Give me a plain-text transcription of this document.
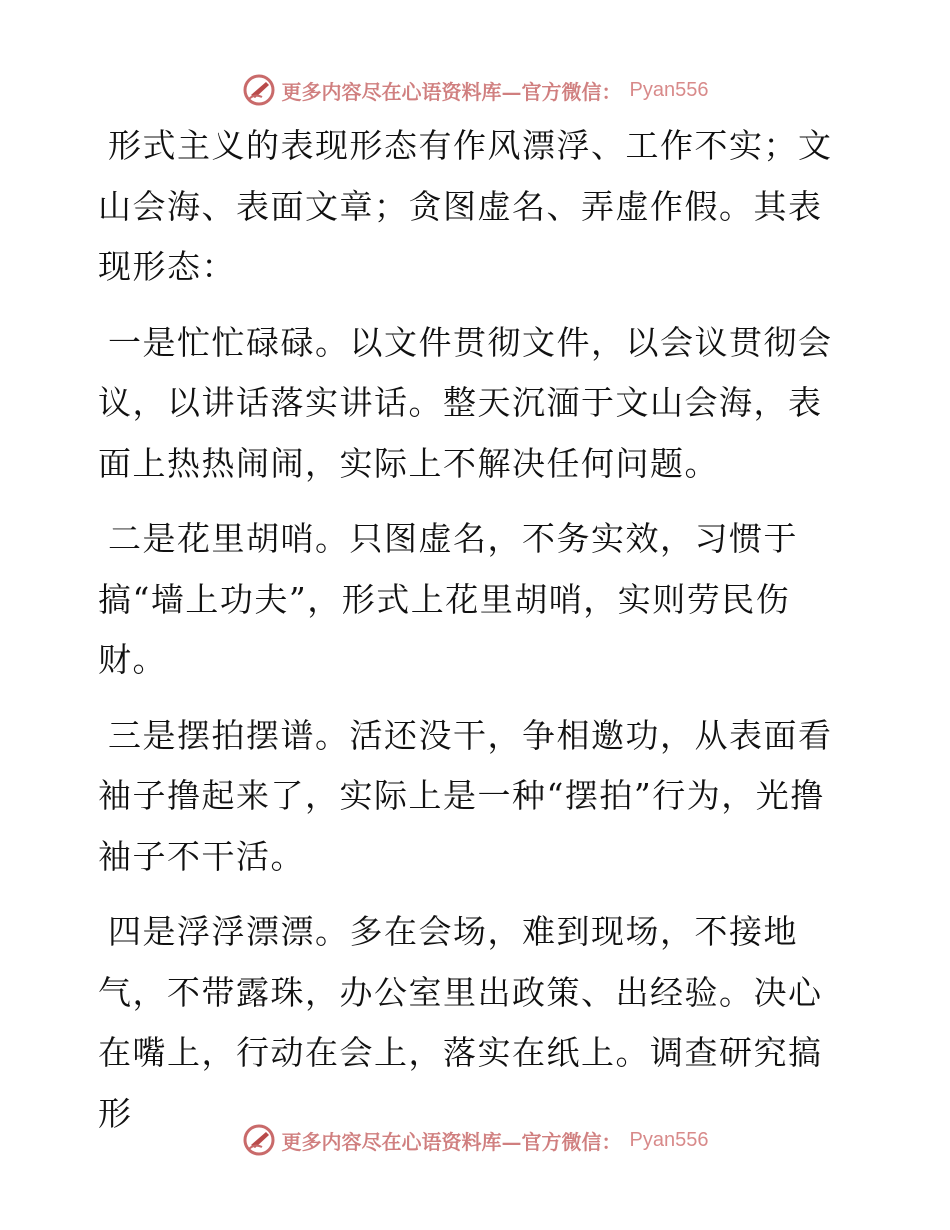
更多内容尽在心语资料库—官方微信： Pyan556

形式主义的表现形态有作风漂浮、工作不实；文山会海、表面文章；贪图虚名、弄虚作假。其表现形态：

一是忙忙碌碌。以文件贯彻文件，以会议贯彻会议，以讲话落实讲话。整天沉湎于文山会海，表面上热热闹闹，实际上不解决任何问题。

二是花里胡哨。只图虚名，不务实效，习惯于搞“墙上功夫”，形式上花里胡哨，实则劳民伤财。

三是摆拍摆谱。活还没干，争相邀功，从表面看袖子撸起来了，实际上是一种“摆拍”行为，光撸袖子不干活。

四是浮浮漂漂。多在会场，难到现场，不接地气，不带露珠，办公室里出政策、出经验。决心在嘴上，行动在会上，落实在纸上。调查研究搞形

更多内容尽在心语资料库—官方微信： Pyan556
